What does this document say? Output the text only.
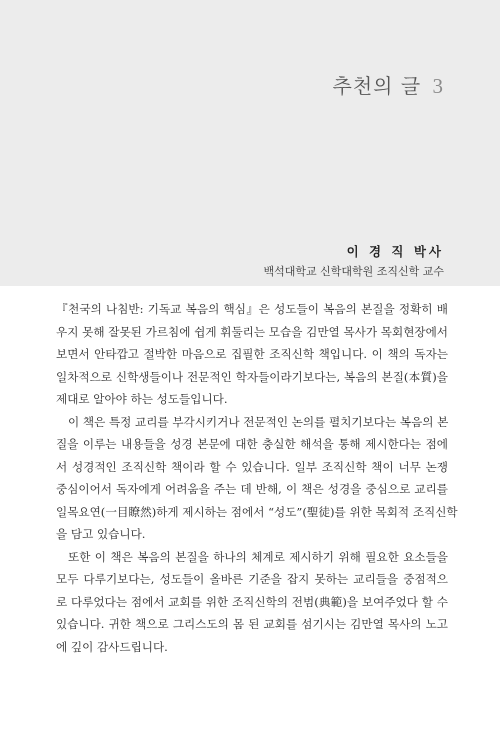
추천의 글 3
이 경 직 박사
백석대학교 신학대학원 조직신학 교수
『천국의 나침반: 기독교 복음의 핵심』은 성도들이 복음의 본질을 정확히 배
우지 못해 잘못된 가르침에 쉽게 휘둘리는 모습을 김만열 목사가 목회현장에서
보면서 안타깝고 절박한 마음으로 집필한 조직신학 책입니다. 이 책의 독자는
일차적으로 신학생들이나 전문적인 학자들이라기보다는, 복음의 본질(本質)을
제대로 알아야 하는 성도들입니다.
이 책은 특정 교리를 부각시키거나 전문적인 논의를 펼치기보다는 복음의 본
질을 이루는 내용들을 성경 본문에 대한 충실한 해석을 통해 제시한다는 점에
서 성경적인 조직신학 책이라 할 수 있습니다. 일부 조직신학 책이 너무 논쟁
중심이어서 독자에게 어려움을 주는 데 반해, 이 책은 성경을 중심으로 교리를
일목요연(一目瞭然)하게 제시하는 점에서 “성도”(聖徒)를 위한 목회적 조직신학
을 담고 있습니다.
또한 이 책은 복음의 본질을 하나의 체계로 제시하기 위해 필요한 요소들을
모두 다루기보다는, 성도들이 올바른 기준을 잡지 못하는 교리들을 중점적으
로 다루었다는 점에서 교회를 위한 조직신학의 전범(典範)을 보여주었다 할 수
있습니다. 귀한 책으로 그리스도의 몸 된 교회를 섬기시는 김만열 목사의 노고
에 깊이 감사드립니다.
